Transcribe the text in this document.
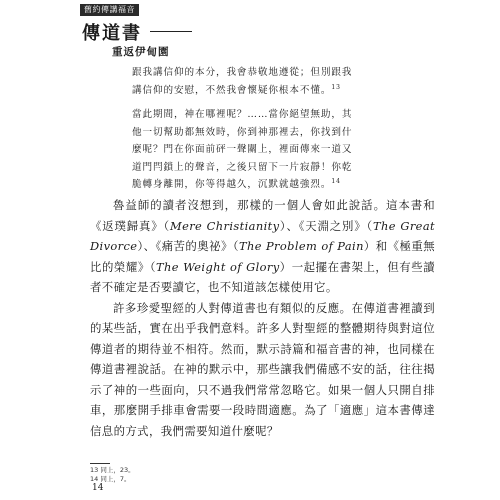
舊約傳講福音
傳道書
重返伊甸園
跟我講信仰的本分，我會恭敬地遵從；但別跟我
講信仰的安慰，不然我會懷疑你根本不懂。$^{13}$
當此期間，神在哪裡呢？……當你絕望無助，其
他一切幫助都無效時，你到神那裡去，你找到什
麼呢？門在你面前砰一聲關上，裡面傳來一道又
道門閂鎖上的聲音，之後只留下一片寂靜！你乾
脆轉身離開，你等得越久，沉默就越強烈。$^{14}$

魯益師的讀者沒想到，那樣的一個人會如此說話。這本書和《返璞歸真》（Mere Christianity）、《天淵之別》（The Great Divorce）、《痛苦的奧祕》（The Problem of Pain）和《極重無比的榮耀》（The Weight of Glory）一起擺在書架上，但有些讀者不確定是否要讀它，也不知道該怎樣使用它。

許多珍愛聖經的人對傳道書也有類似的反應。在傳道書裡讀到的某些話，實在出乎我們意料。許多人對聖經的整體期待與對這位傳道者的期待並不相符。然而，默示詩篇和福音書的神，也同樣在傳道書裡說話。在神的默示中，那些讓我們備感不安的話，往往揭示了神的一些面向，只不過我們常常忽略它。如果一個人只開自排車，那麼開手排車會需要一段時間適應。為了「適應」這本書傳達信息的方式，我們需要知道什麼呢？

13 同上，23。
14 同上，7。
14
